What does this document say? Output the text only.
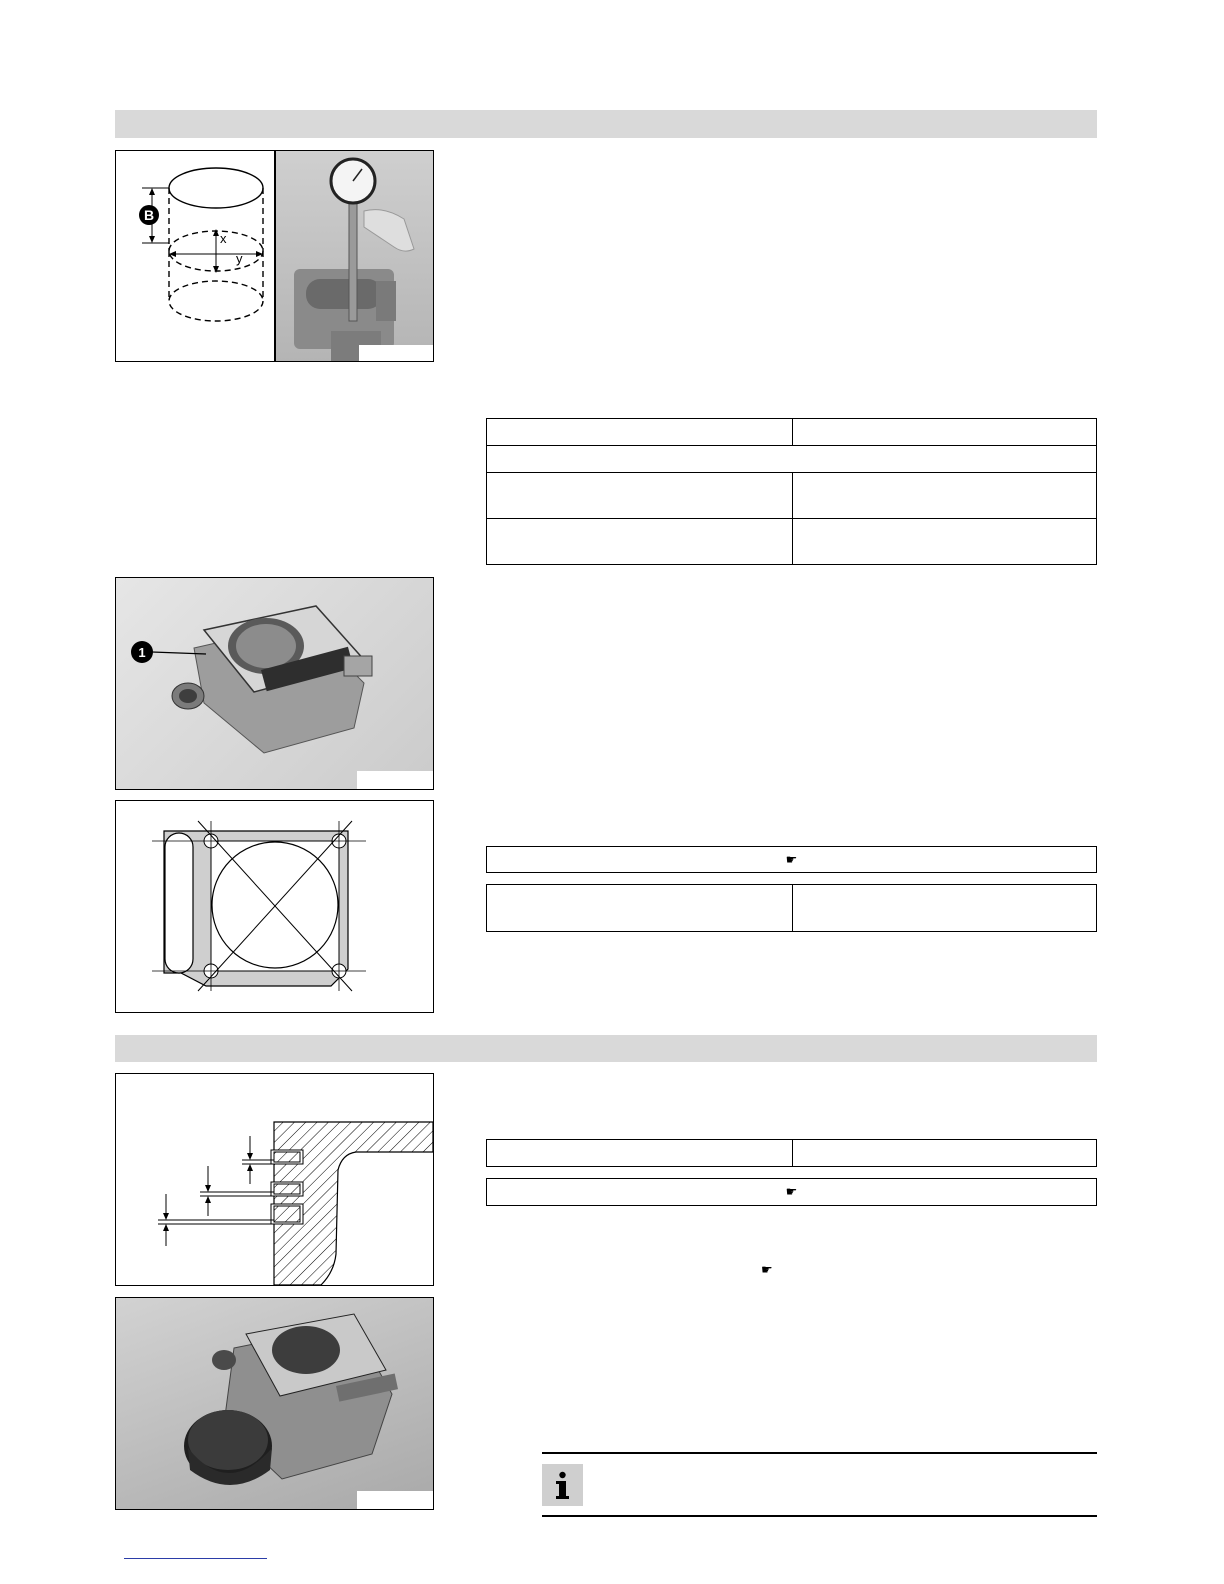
B
x
y

1
☛

☛
☛
